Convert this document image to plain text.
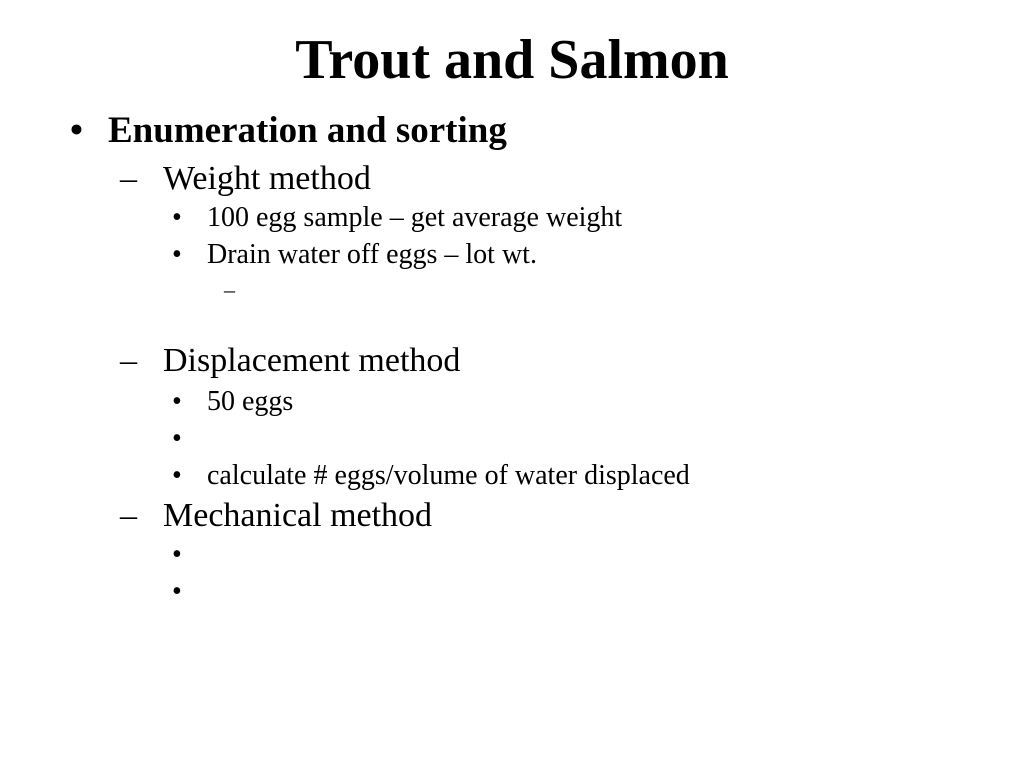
Trout and Salmon
• Enumeration and sorting
– Weight method
• 100 egg sample – get average weight
• Drain water off eggs – lot wt.
–
– Displacement method
• 50 eggs
•
• calculate # eggs/volume of water displaced
– Mechanical method
•
•
